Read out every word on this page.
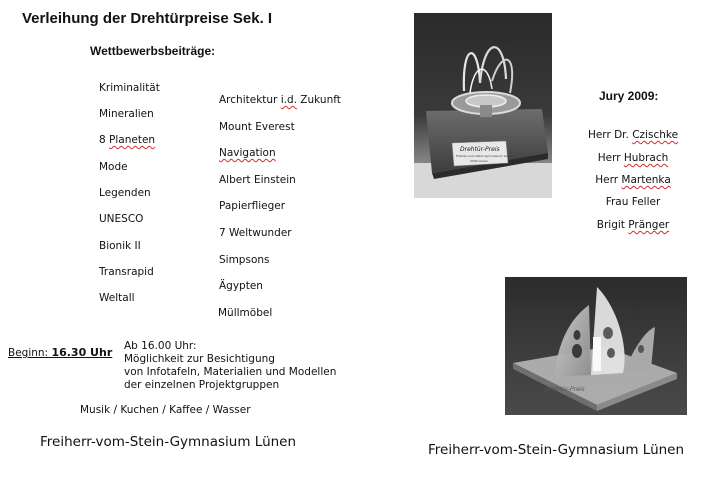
Verleihung der Drehtürpreise Sek. I
Wettbewerbsbeiträge:
Kriminalität
Mineralien
8 Planeten
Mode
Legenden
UNESCO
Bionik II
Transrapid
Weltall
Architektur i.d. Zukunft
Mount Everest
Navigation
Albert Einstein
Papierflieger
7 Weltwunder
Simpsons
Ägypten
Müllmöbel
Beginn: 16.30 Uhr Ab 16.00 Uhr:
Möglichkeit zur Besichtigung
von Infotafeln, Materialien und Modellen
der einzelnen Projektgruppen
Musik / Kuchen / Kaffee / Wasser
Freiherr-vom-Stein-Gymnasium Lünen	Freiherr-vom-Stein-Gymnasium Lünen
Jury 2009:
Herr Dr. Czischke
Herr Hubrach
Herr Martenka
Frau Feller
Brigit Pränger
Drehtür-Preis
Freiherr-vom-Stein-Gymnasium Lünen
2009 Lünen
Drehtür-Preis
